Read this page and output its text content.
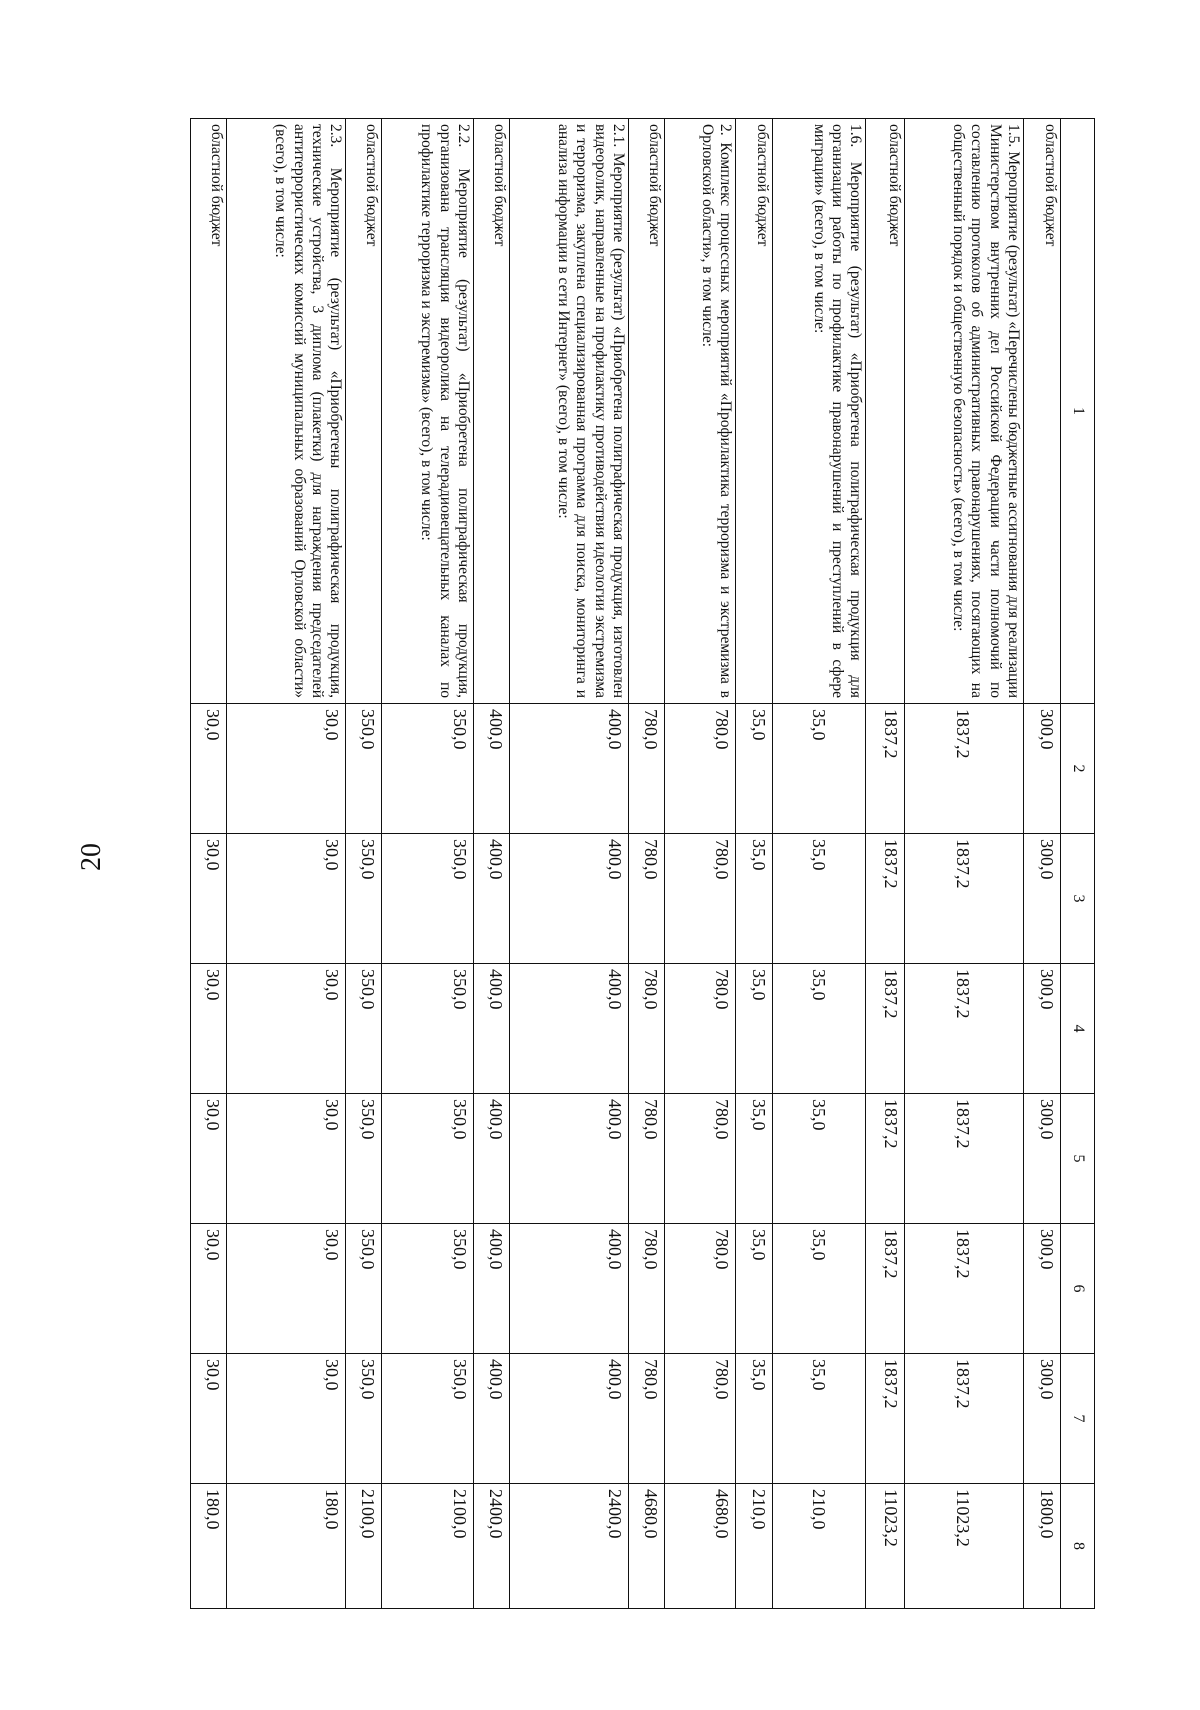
20
1	2	3	4	5	6	7	8
областной бюджет	300,0	300,0	300,0	300,0	300,0	300,0	1800,0
1.5. Мероприятие (результат) «Перечислены бюджетные ассигнования для реализации Министерством внутренних дел Российской Федерации части полномочий по составлению протоколов об административных правонарушениях, посягающих на общественный порядок и общественную безопасность» (всего), в том числе:	1837,2	1837,2	1837,2	1837,2	1837,2	1837,2	11023,2
областной бюджет	1837,2	1837,2	1837,2	1837,2	1837,2	1837,2	11023,2
1.6. Мероприятие (результат) «Приобретена полиграфическая продукция для организации работы по профилактике правонарушений и преступлений в сфере миграции» (всего), в том числе:	35,0	35,0	35,0	35,0	35,0	35,0	210,0
областной бюджет	35,0	35,0	35,0	35,0	35,0	35,0	210,0
2. Комплекс процессных мероприятий «Профилактика терроризма и экстремизма в Орловской области», в том числе:	780,0	780,0	780,0	780,0	780,0	780,0	4680,0
областной бюджет	780,0	780,0	780,0	780,0	780,0	780,0	4680,0
2.1. Мероприятие (результат) «Приобретена полиграфическая продукция, изготовлен видеоролик, направленные на профилактику противодействия идеологии экстремизма и терроризма, закуплена специализированная программа для поиска, мониторинга и анализа информации в сети Интернет» (всего), в том числе:	400,0	400,0	400,0	400,0	400,0	400,0	2400,0
областной бюджет	400,0	400,0	400,0	400,0	400,0	400,0	2400,0
2.2. Мероприятие (результат) «Приобретена полиграфическая продукция, организована трансляция видеоролика на телерадиовещательных каналах по профилактике терроризма и экстремизма» (всего), в том числе:	350,0	350,0	350,0	350,0	350,0	350,0	2100,0
областной бюджет	350,0	350,0	350,0	350,0	350,0	350,0	2100,0
2.3. Мероприятие (результат) «Приобретены полиграфическая продукция, технические устройства, 3 диплома (плакетки) для награждения председателей антитеррористических комиссий муниципальных образований Орловской области» (всего), в том числе:	30,0	30,0	30,0	30,0	30,0	30,0	180,0
областной бюджет	30,0	30,0	30,0	30,0	30,0	30,0	180,0
